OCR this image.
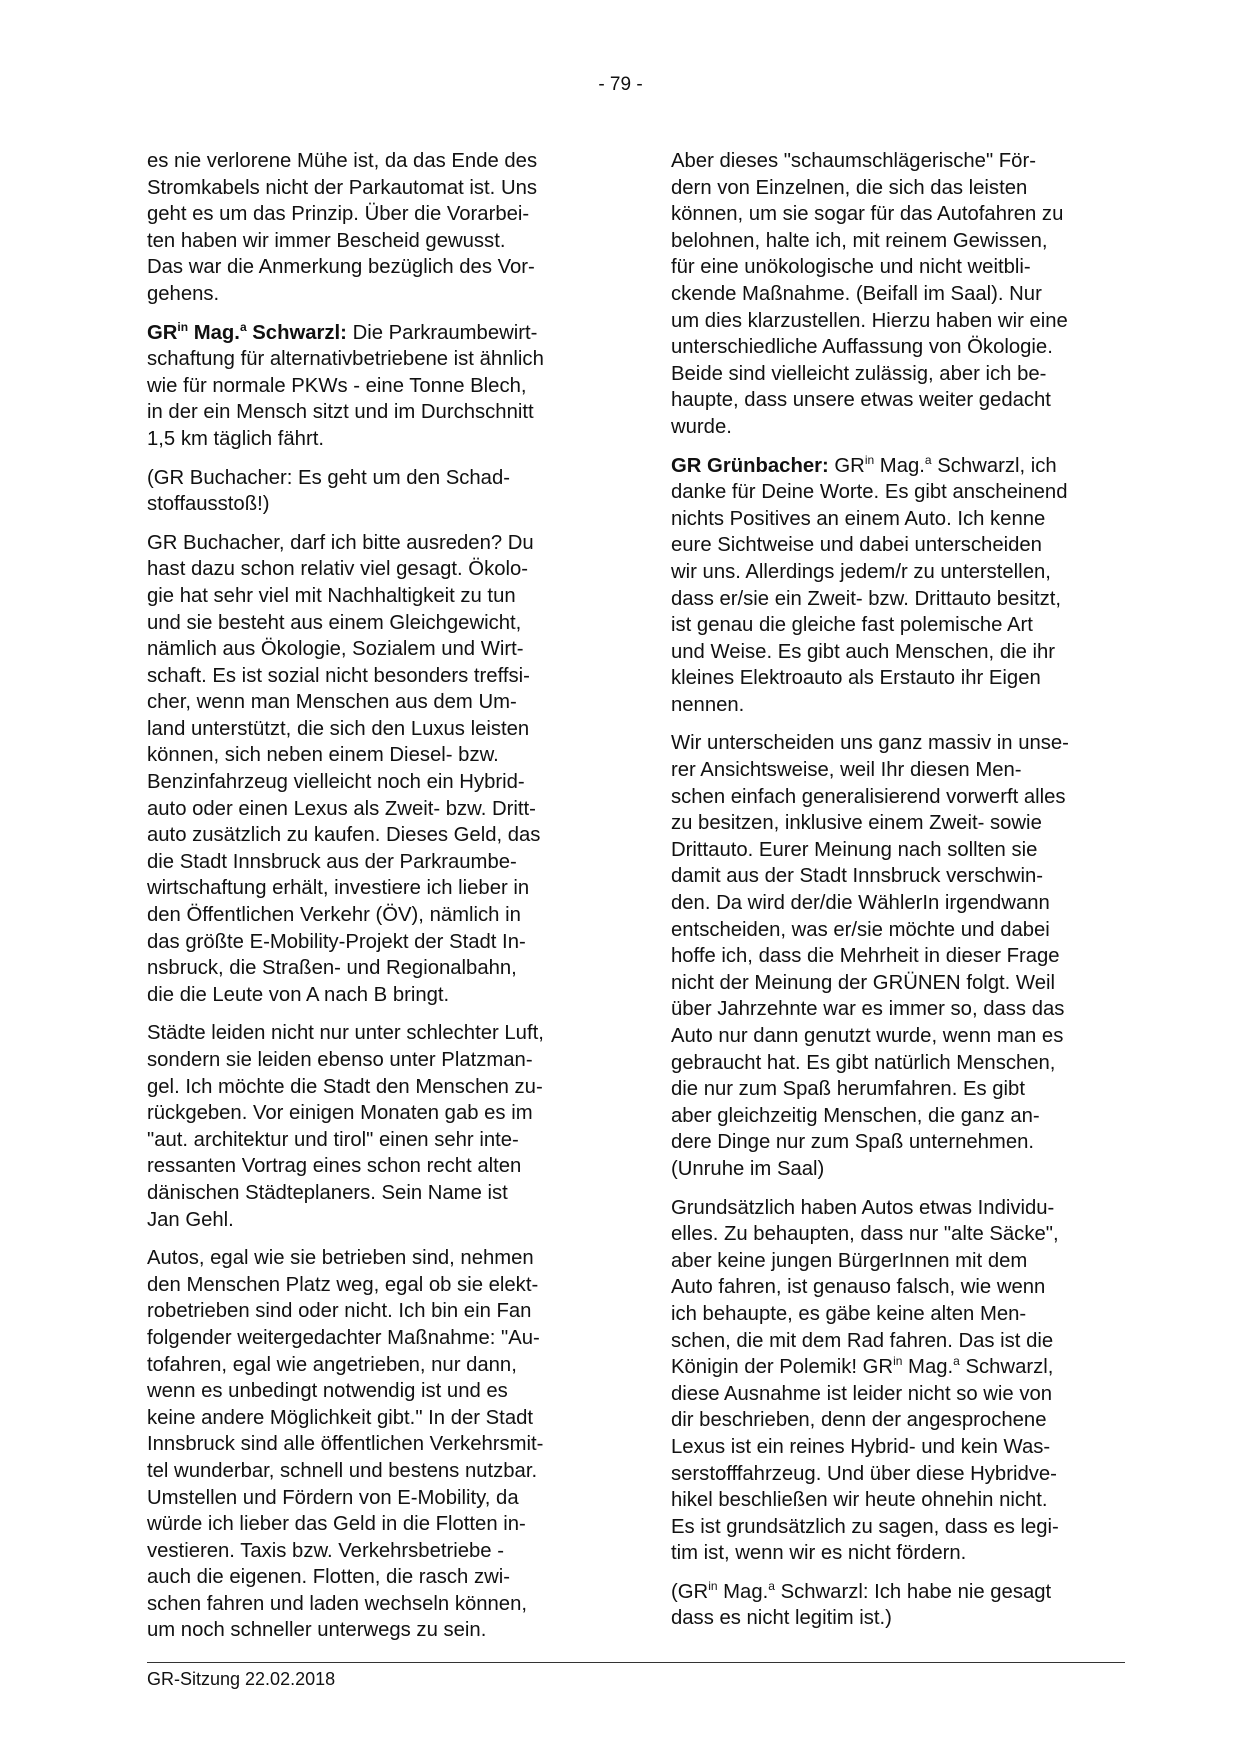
- 79 -

es nie verlorene Mühe ist, da das Ende des
Stromkabels nicht der Parkautomat ist. Uns
geht es um das Prinzip. Über die Vorarbei-
ten haben wir immer Bescheid gewusst.
Das war die Anmerkung bezüglich des Vor-
gehens.

$GR^{in}$ Mag.$^a$ Schwarzl: Die Parkraumbewirt-
schaftung für alternativbetriebene ist ähnlich
wie für normale PKWs - eine Tonne Blech,
in der ein Mensch sitzt und im Durchschnitt
1,5 km täglich fährt.

(GR Buchacher: Es geht um den Schad-
stoffausstoß!)

GR Buchacher, darf ich bitte ausreden? Du
hast dazu schon relativ viel gesagt. Ökolo-
gie hat sehr viel mit Nachhaltigkeit zu tun
und sie besteht aus einem Gleichgewicht,
nämlich aus Ökologie, Sozialem und Wirt-
schaft. Es ist sozial nicht besonders treffsi-
cher, wenn man Menschen aus dem Um-
land unterstützt, die sich den Luxus leisten
können, sich neben einem Diesel- bzw.
Benzinfahrzeug vielleicht noch ein Hybrid-
auto oder einen Lexus als Zweit- bzw. Dritt-
auto zusätzlich zu kaufen. Dieses Geld, das
die Stadt Innsbruck aus der Parkraumbe-
wirtschaftung erhält, investiere ich lieber in
den Öffentlichen Verkehr (ÖV), nämlich in
das größte E-Mobility-Projekt der Stadt In-
nsbruck, die Straßen- und Regionalbahn,
die die Leute von A nach B bringt.

Städte leiden nicht nur unter schlechter Luft,
sondern sie leiden ebenso unter Platzman-
gel. Ich möchte die Stadt den Menschen zu-
rückgeben. Vor einigen Monaten gab es im
"aut. architektur und tirol" einen sehr inte-
ressanten Vortrag eines schon recht alten
dänischen Städteplaners. Sein Name ist
Jan Gehl.

Autos, egal wie sie betrieben sind, nehmen
den Menschen Platz weg, egal ob sie elekt-
robetrieben sind oder nicht. Ich bin ein Fan
folgender weitergedachter Maßnahme: "Au-
tofahren, egal wie angetrieben, nur dann,
wenn es unbedingt notwendig ist und es
keine andere Möglichkeit gibt." In der Stadt
Innsbruck sind alle öffentlichen Verkehrsmit-
tel wunderbar, schnell und bestens nutzbar.
Umstellen und Fördern von E-Mobility, da
würde ich lieber das Geld in die Flotten in-
vestieren. Taxis bzw. Verkehrsbetriebe -
auch die eigenen. Flotten, die rasch zwi-
schen fahren und laden wechseln können,
um noch schneller unterwegs zu sein.

Aber dieses "schaumschlägerische" För-
dern von Einzelnen, die sich das leisten
können, um sie sogar für das Autofahren zu
belohnen, halte ich, mit reinem Gewissen,
für eine unökologische und nicht weitbli-
ckende Maßnahme. (Beifall im Saal). Nur
um dies klarzustellen. Hierzu haben wir eine
unterschiedliche Auffassung von Ökologie.
Beide sind vielleicht zulässig, aber ich be-
haupte, dass unsere etwas weiter gedacht
wurde.

GR Grünbacher: $GR^{in}$ Mag.$^a$ Schwarzl, ich
danke für Deine Worte. Es gibt anscheinend
nichts Positives an einem Auto. Ich kenne
eure Sichtweise und dabei unterscheiden
wir uns. Allerdings jedem/r zu unterstellen,
dass er/sie ein Zweit- bzw. Drittauto besitzt,
ist genau die gleiche fast polemische Art
und Weise. Es gibt auch Menschen, die ihr
kleines Elektroauto als Erstauto ihr Eigen
nennen.

Wir unterscheiden uns ganz massiv in unse-
rer Ansichtsweise, weil Ihr diesen Men-
schen einfach generalisierend vorwerft alles
zu besitzen, inklusive einem Zweit- sowie
Drittauto. Eurer Meinung nach sollten sie
damit aus der Stadt Innsbruck verschwin-
den. Da wird der/die WählerIn irgendwann
entscheiden, was er/sie möchte und dabei
hoffe ich, dass die Mehrheit in dieser Frage
nicht der Meinung der GRÜNEN folgt. Weil
über Jahrzehnte war es immer so, dass das
Auto nur dann genutzt wurde, wenn man es
gebraucht hat. Es gibt natürlich Menschen,
die nur zum Spaß herumfahren. Es gibt
aber gleichzeitig Menschen, die ganz an-
dere Dinge nur zum Spaß unternehmen.
(Unruhe im Saal)

Grundsätzlich haben Autos etwas Individu-
elles. Zu behaupten, dass nur "alte Säcke",
aber keine jungen BürgerInnen mit dem
Auto fahren, ist genauso falsch, wie wenn
ich behaupte, es gäbe keine alten Men-
schen, die mit dem Rad fahren. Das ist die
Königin der Polemik! $GR^{in}$ Mag.$^a$ Schwarzl,
diese Ausnahme ist leider nicht so wie von
dir beschrieben, denn der angesprochene
Lexus ist ein reines Hybrid- und kein Was-
serstofffahrzeug. Und über diese Hybridve-
hikel beschließen wir heute ohnehin nicht.
Es ist grundsätzlich zu sagen, dass es legi-
tim ist, wenn wir es nicht fördern.

($GR^{in}$ Mag.$^a$ Schwarzl: Ich habe nie gesagt
dass es nicht legitim ist.)

GR-Sitzung 22.02.2018
